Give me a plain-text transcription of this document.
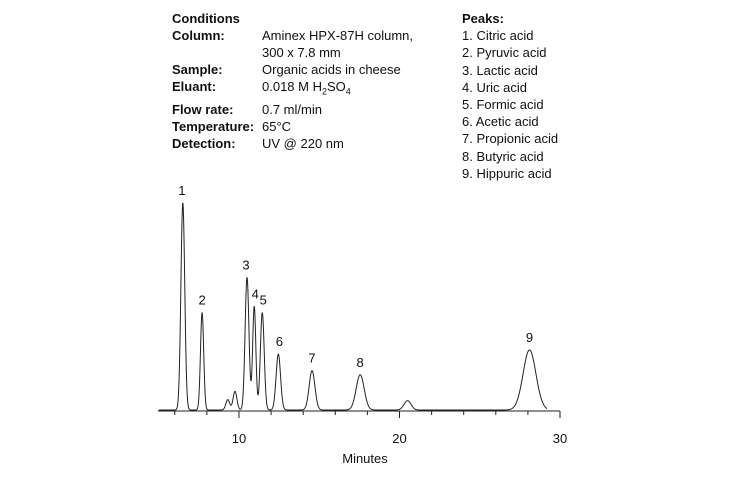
Conditions
Column:	Aminex HPX-87H column,
300 x 7.8 mm
Sample:	Organic acids in cheese
Eluant:	0.018 M $H_2SO_4$
Flow rate:	0.7 ml/min
Temperature: 65°C
Detection:	UV @ 220 nm
Peaks:
1. Citric acid
2. Pyruvic acid
3. Lactic acid
4. Uric acid
5. Formic acid
6. Acetic acid
7. Propionic acid
8. Butyric acid
9. Hippuric acid
10	20	30
Minutes
1
2
3
4 5
6
7	8
9
